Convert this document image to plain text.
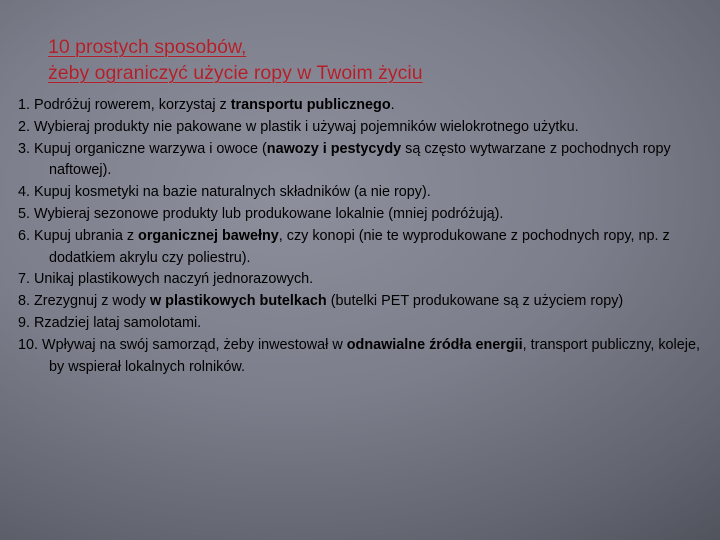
10 prostych sposobów,
żeby ograniczyć użycie ropy w Twoim życiu
1. Podróżuj rowerem, korzystaj z transportu publicznego.
2. Wybieraj produkty nie pakowane w plastik i używaj pojemników wielokrotnego użytku.
3. Kupuj organiczne warzywa i owoce (nawozy i pestycydy są często wytwarzane z pochodnych ropy naftowej).
4. Kupuj kosmetyki na bazie naturalnych składników (a nie ropy).
5. Wybieraj sezonowe produkty lub produkowane lokalnie (mniej podróżują).
6. Kupuj ubrania z organicznej bawełny, czy konopi (nie te wyprodukowane z pochodnych ropy, np. z dodatkiem akrylu czy poliestru).
7. Unikaj plastikowych naczyń jednorazowych.
8. Zrezygnuj z wody w plastikowych butelkach (butelki PET produkowane są z użyciem ropy)
9. Rzadziej lataj samolotami.
10. Wpływaj na swój samorząd, żeby inwestował w odnawialne źródła energii, transport publiczny, koleje, by wspierał lokalnych rolników.
